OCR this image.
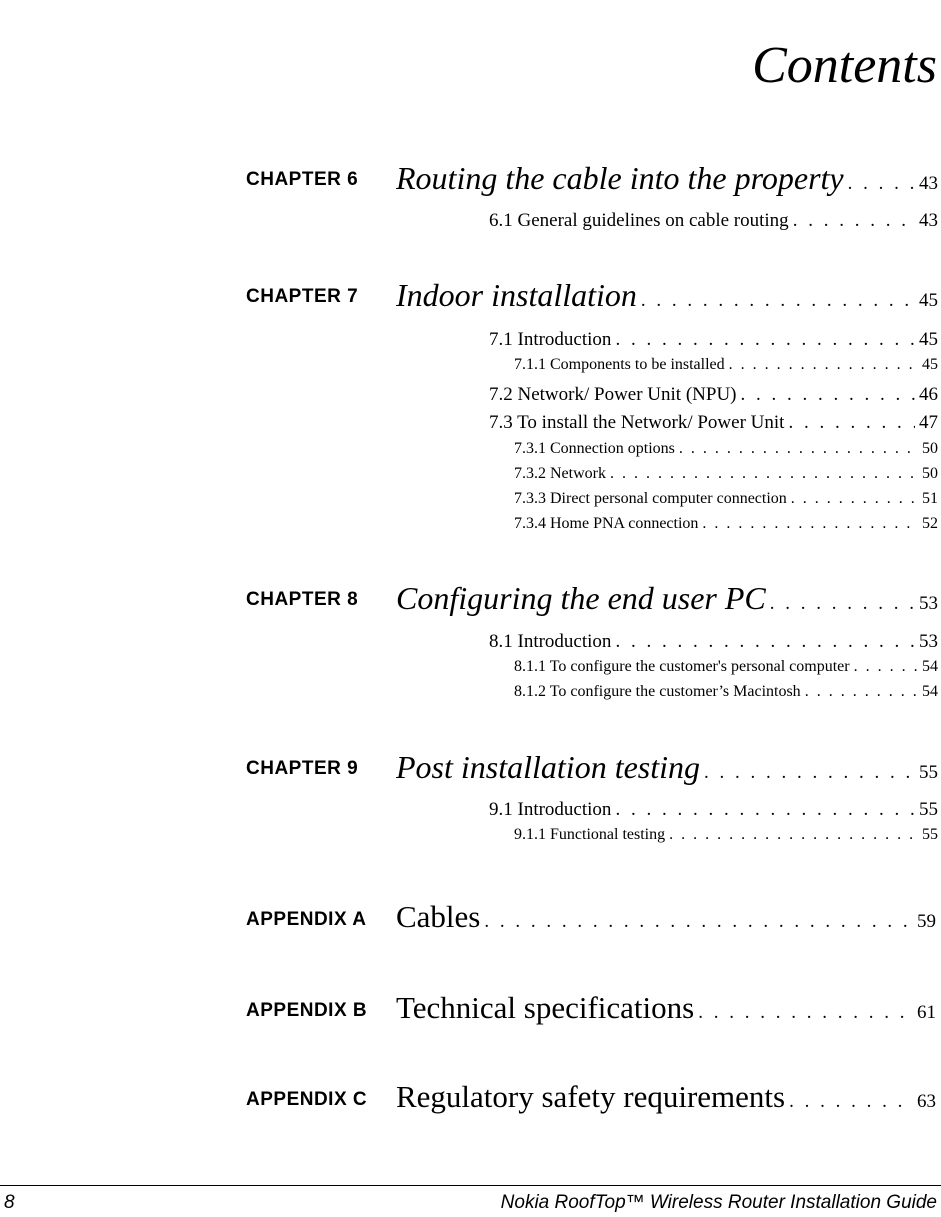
Contents
CHAPTER 6 Routing the cable into the property . . .	43
6.1 General guidelines on cable routing . . .	43
CHAPTER 7 Indoor installation . . .	45
7.1 Introduction . . .	45
7.1.1 Components to be installed . . .	45
7.2 Network/ Power Unit (NPU) . . .	46
7.3 To install the Network/ Power Unit . . .	47
7.3.1 Connection options . . .	50
7.3.2 Network . . .	50
7.3.3 Direct personal computer connection . . .	51
7.3.4 Home PNA connection . . .	52
CHAPTER 8 Configuring the end user PC . . .	53
8.1 Introduction . . .	53
8.1.1 To configure the customer's personal computer . . .	54
8.1.2 To configure the customer’s Macintosh . . .	54
CHAPTER 9 Post installation testing . . .	55
9.1 Introduction . . .	55
9.1.1 Functional testing . . .	55
APPENDIX A Cables . . .	59
APPENDIX B Technical specifications . . .	61
APPENDIX C Regulatory safety requirements . . .	63
8	Nokia RoofTop™ Wireless Router Installation Guide
